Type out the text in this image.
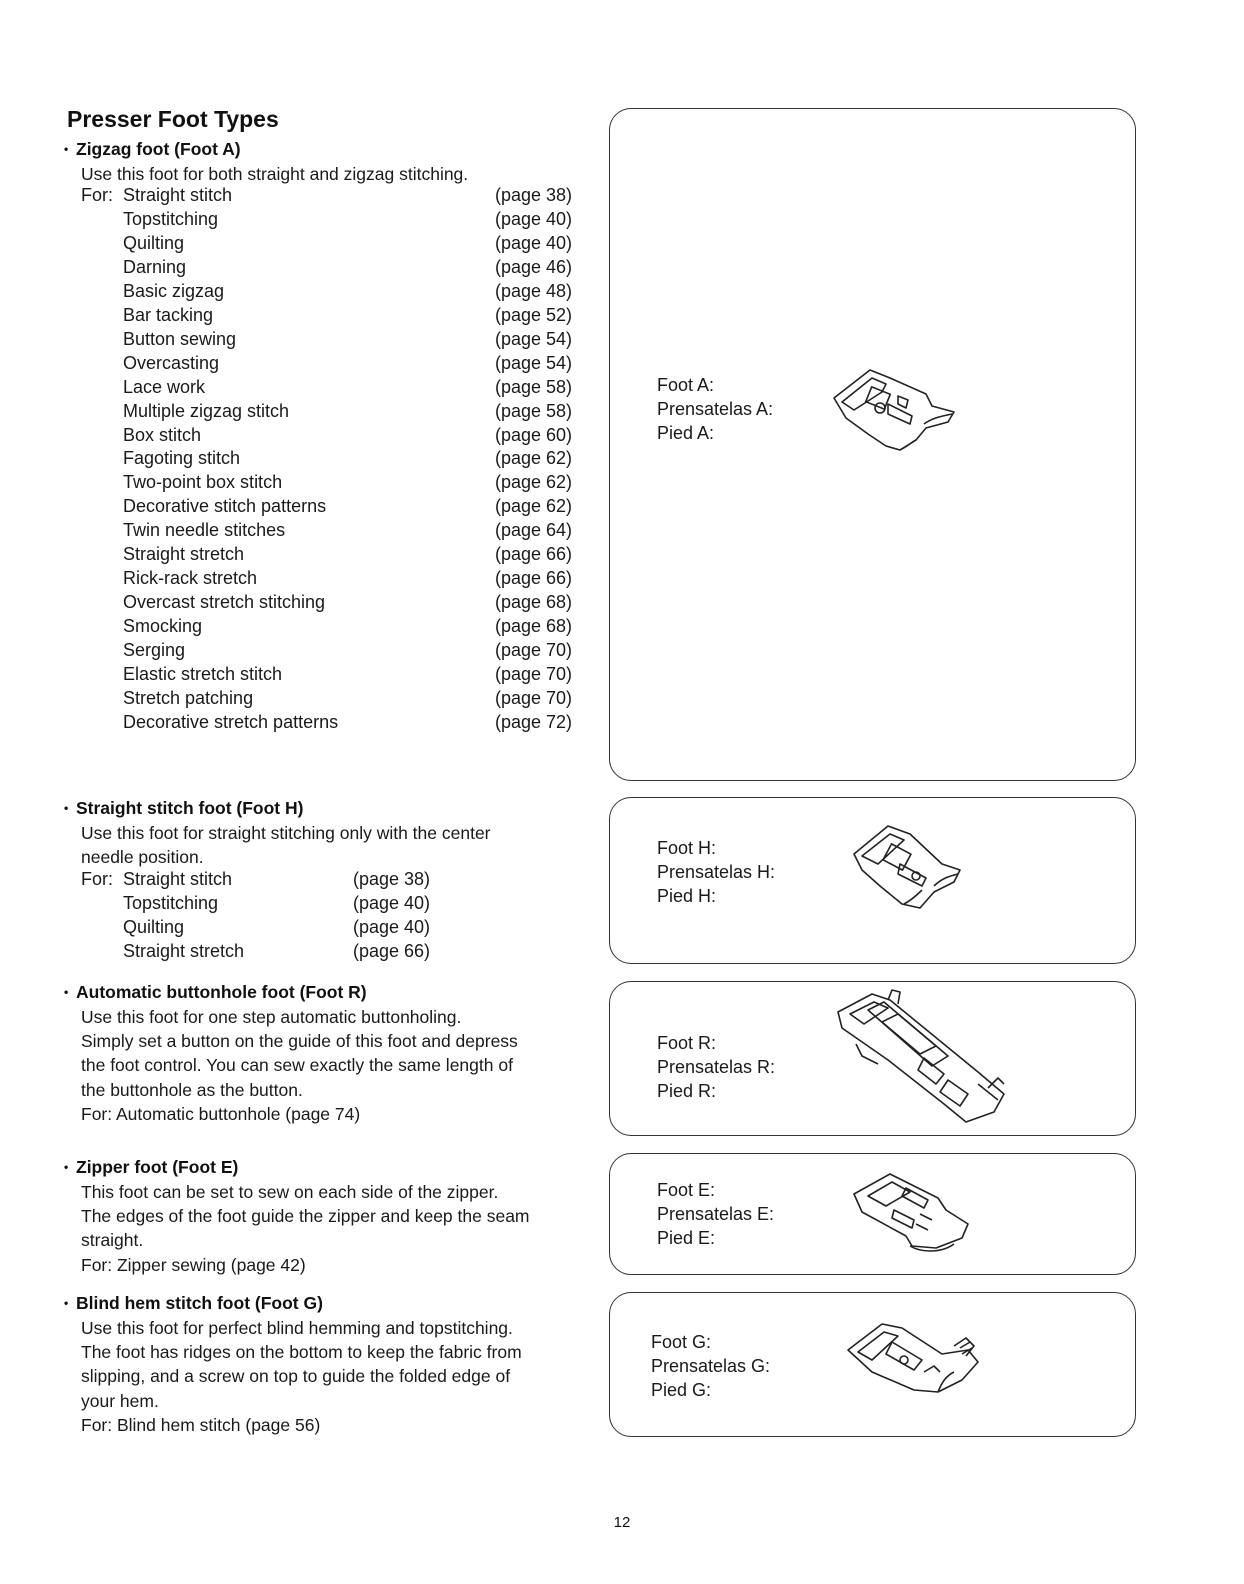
Presser Foot Types
• Zigzag foot (Foot A)

Use this foot for both straight and zigzag stitching.

For: Straight stitch	(page 38)
Topstitching	(page 40)
Quilting	(page 40)
Darning	(page 46)
Basic zigzag	(page 48)
Bar tacking	(page 52)
Button sewing	(page 54)
Overcasting	(page 54)
Lace work	(page 58)
Multiple zigzag stitch	(page 58)
Box stitch	(page 60)
Fagoting stitch	(page 62)
Two-point box stitch	(page 62)
Decorative stitch patterns	(page 62)
Twin needle stitches	(page 64)
Straight stretch	(page 66)
Rick-rack stretch	(page 66)
Overcast stretch stitching	(page 68)
Smocking	(page 68)
Serging	(page 70)
Elastic stretch stitch	(page 70)
Stretch patching	(page 70)
Decorative stretch patterns	(page 72)
• Straight stitch foot (Foot H)

Use this foot for straight stitching only with the center
needle position.

For: Straight stitch	(page 38)
Topstitching	(page 40)
Quilting	(page 40)
Straight stretch	(page 66)
• Automatic buttonhole foot (Foot R)

Use this foot for one step automatic buttonholing.
Simply set a button on the guide of this foot and depress
the foot control. You can sew exactly the same length of
the buttonhole as the button.
For: Automatic buttonhole (page 74)

• Zipper foot (Foot E)

This foot can be set to sew on each side of the zipper.
The edges of the foot guide the zipper and keep the seam
straight.
For: Zipper sewing (page 42)

• Blind hem stitch foot (Foot G)

Use this foot for perfect blind hemming and topstitching.
The foot has ridges on the bottom to keep the fabric from
slipping, and a screw on top to guide the folded edge of
your hem.
For: Blind hem stitch (page 56)

Foot A:
Prensatelas A:
Pied A:
Foot H:
Prensatelas H:
Pied H:
Foot R:
Prensatelas R:
Pied R:
Foot E:
Prensatelas E:
Pied E:
Foot G:
Prensatelas G:
Pied G:
12
